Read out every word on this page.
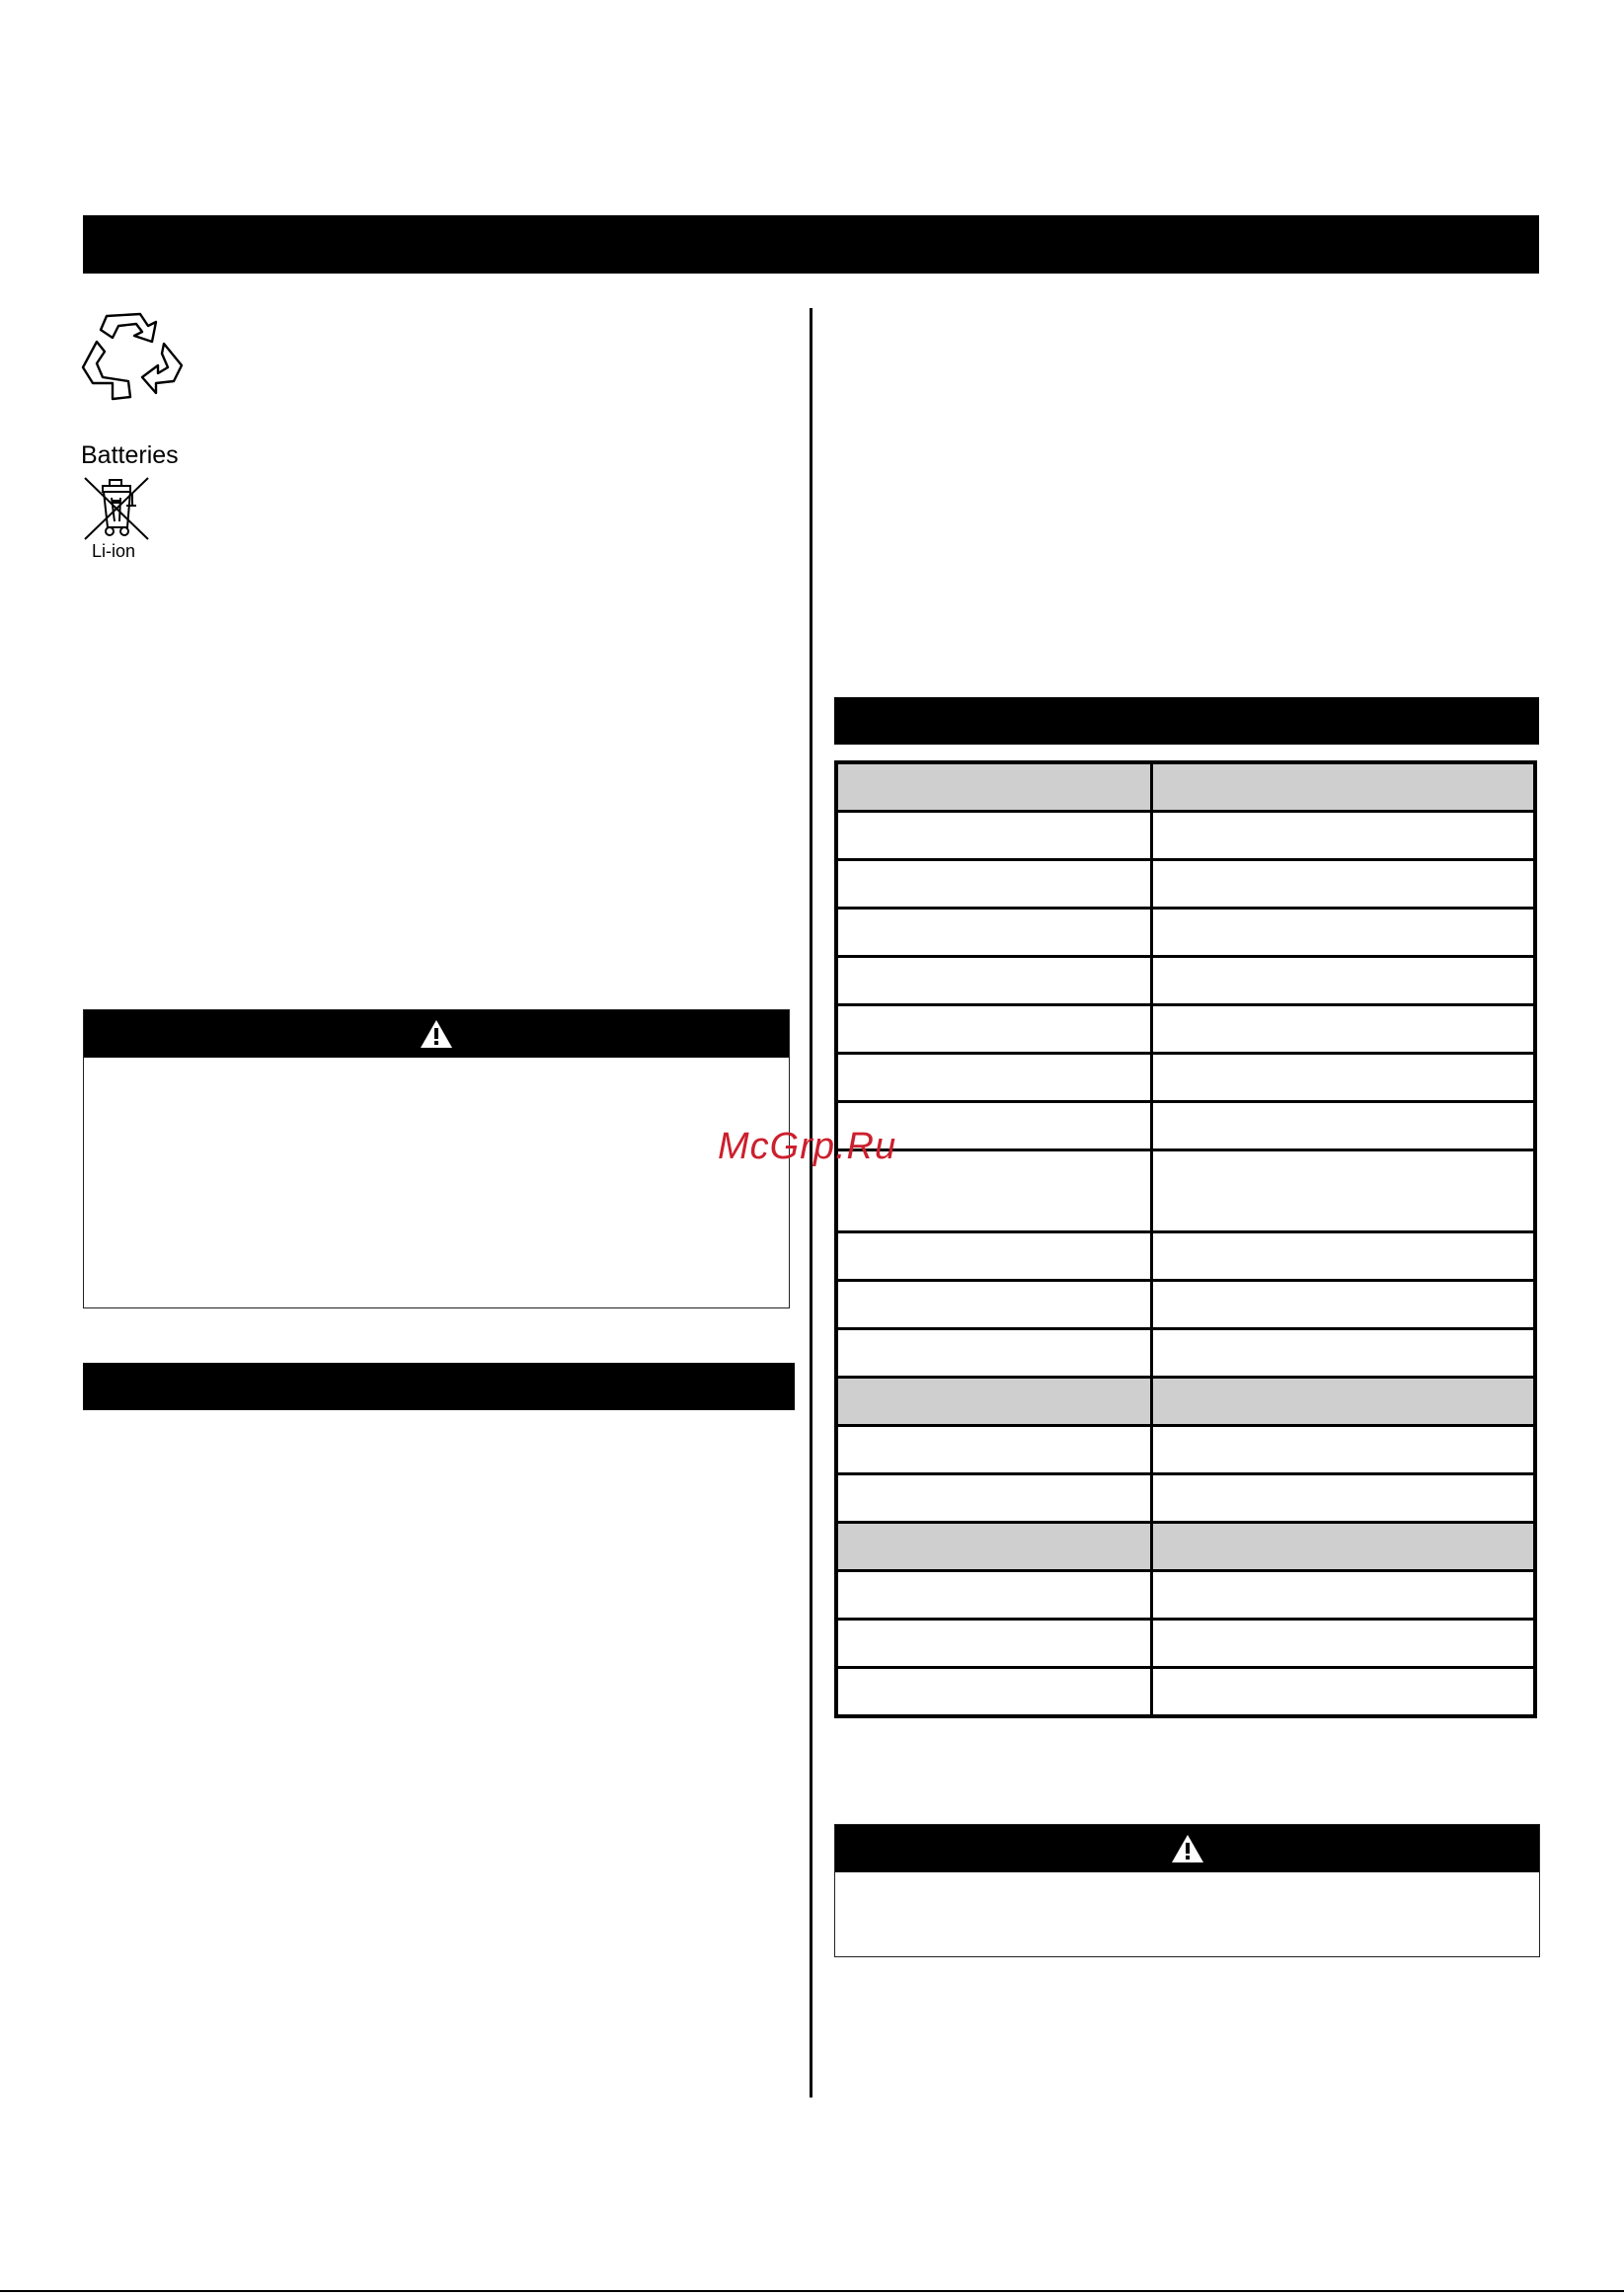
Batteries
Li-ion

McGrp.Ru
